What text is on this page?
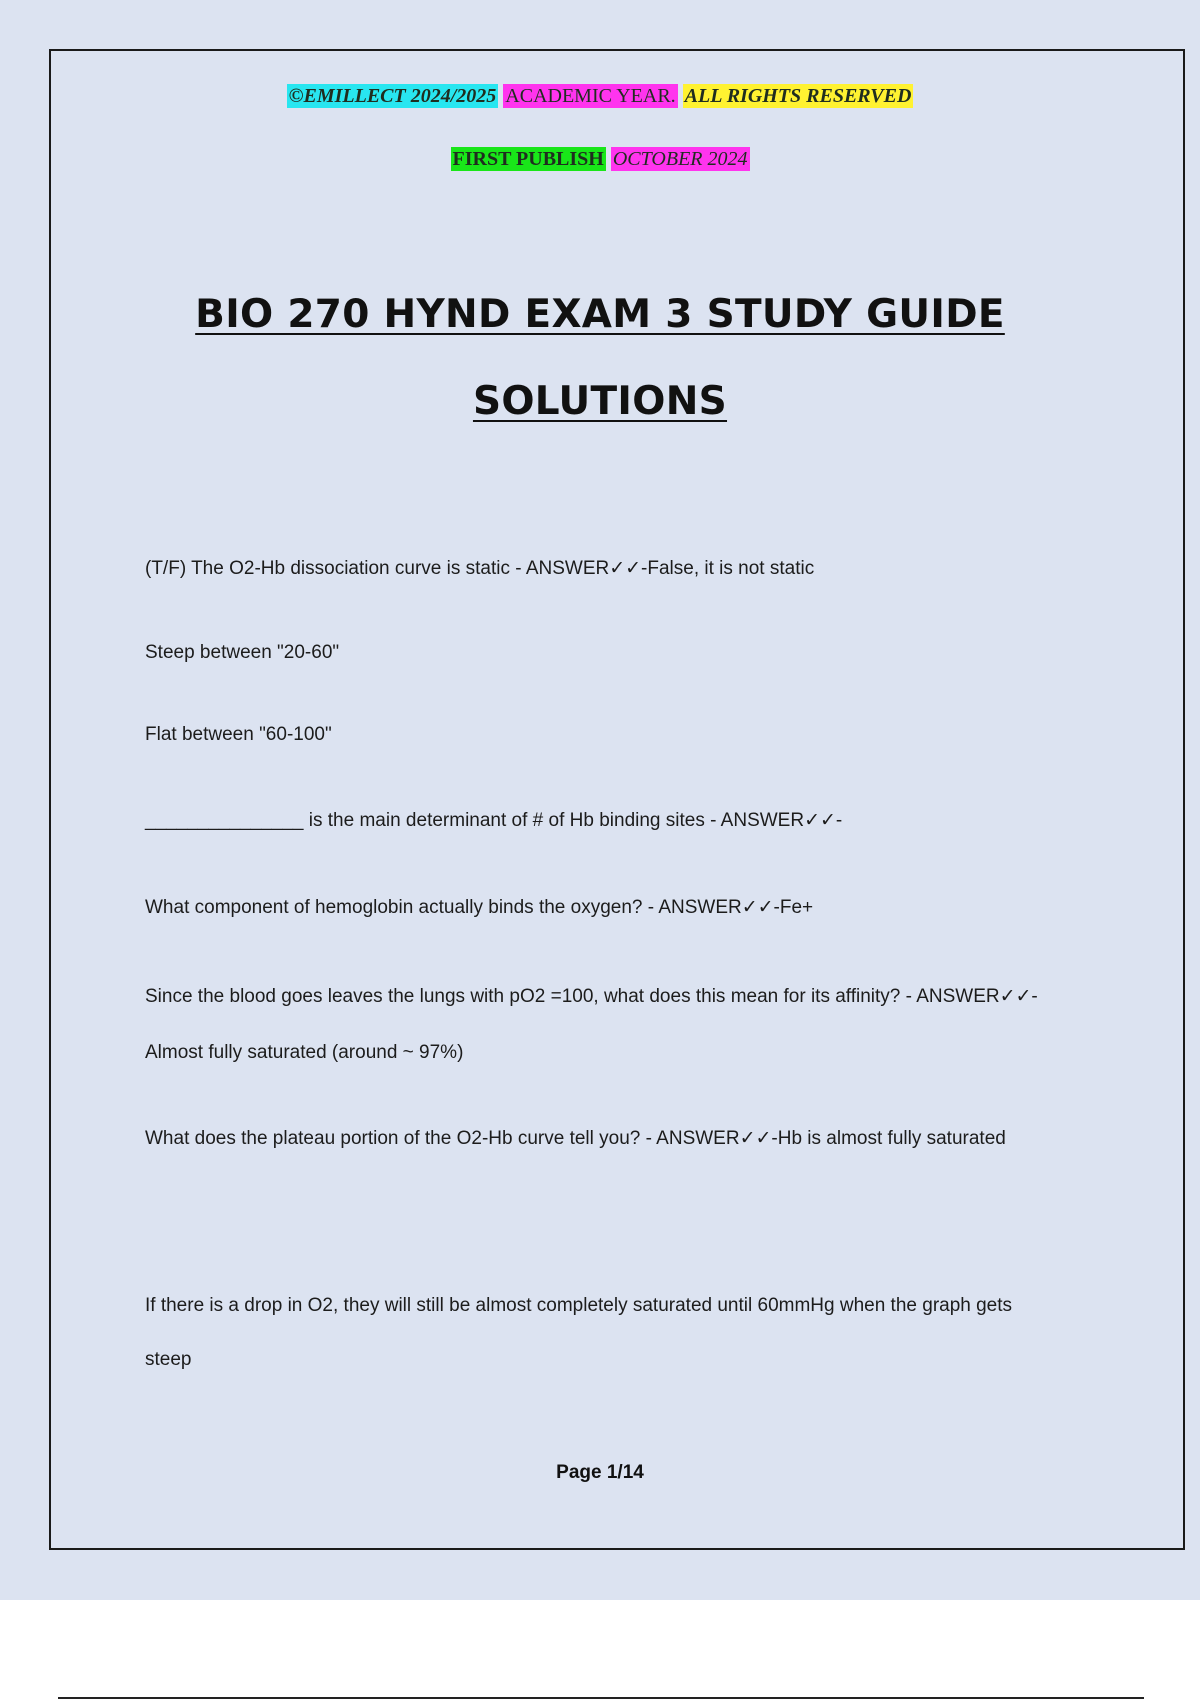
©EMILLECT 2024/2025 ACADEMIC YEAR. ALL RIGHTS RESERVED
FIRST PUBLISH OCTOBER 2024
BIO 270 HYND EXAM 3 STUDY GUIDE
SOLUTIONS
(T/F) The O2-Hb dissociation curve is static - ANSWER✓✓-False, it is not static
Steep between "20-60"
Flat between "60-100"
_______________ is the main determinant of # of Hb binding sites - ANSWER✓✓-
What component of hemoglobin actually binds the oxygen? - ANSWER✓✓-Fe+
Since the blood goes leaves the lungs with pO2 =100, what does this mean for its affinity? - ANSWER✓✓-
Almost fully saturated (around ~ 97%)
What does the plateau portion of the O2-Hb curve tell you? - ANSWER✓✓-Hb is almost fully saturated
If there is a drop in O2, they will still be almost completely saturated until 60mmHg when the graph gets
steep
Page 1/14
